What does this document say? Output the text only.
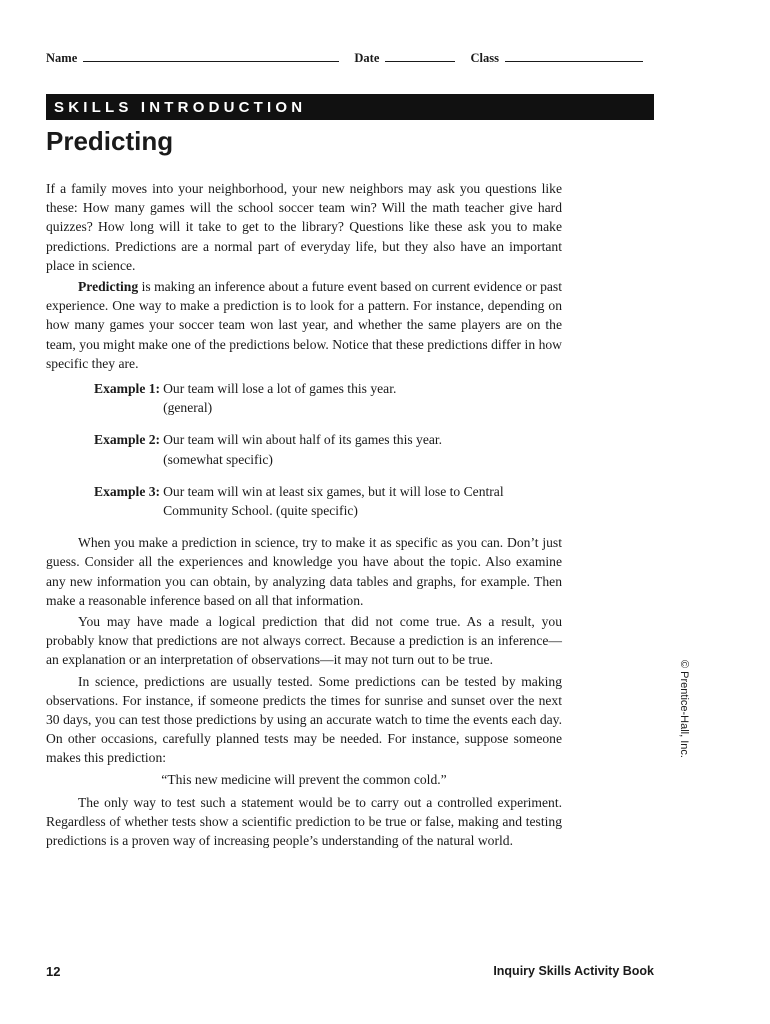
Name	Date	Class
SKILLS INTRODUCTION
Predicting

If a family moves into your neighborhood, your new neighbors may ask you questions like these: How many games will the school soccer team win? Will the math teacher give hard quizzes? How long will it take to get to the library? Questions like these ask you to make predictions. Predictions are a normal part of everyday life, but they also have an important place in science.

Predicting is making an inference about a future event based on current evidence or past experience. One way to make a prediction is to look for a pattern. For instance, depending on how many games your soccer team won last year, and whether the same players are on the team, you might make one of the predictions below. Notice that these predictions differ in how specific they are.

Example 1: Our team will lose a lot of games this year.
(general)
Example 2: Our team will win about half of its games this year.
(somewhat specific)
Example 3: Our team will win at least six games, but it will lose to Central Community School. (quite specific)

When you make a prediction in science, try to make it as specific as you can. Don’t just guess. Consider all the experiences and knowledge you have about the topic. Also examine any new information you can obtain, by analyzing data tables and graphs, for example. Then make a reasonable inference based on all that information.

You may have made a logical prediction that did not come true. As a result, you probably know that predictions are not always correct. Because a prediction is an inference—an explanation or an interpretation of observations—it may not turn out to be true.

In science, predictions are usually tested. Some predictions can be tested by making observations. For instance, if someone predicts the times for sunrise and sunset over the next 30 days, you can test those predictions by using an accurate watch to time the events each day. On other occasions, carefully planned tests may be needed. For instance, suppose someone makes this prediction:

“This new medicine will prevent the common cold.”

The only way to test such a statement would be to carry out a controlled experiment. Regardless of whether tests show a scientific prediction to be true or false, making and testing predictions is a proven way of increasing people’s understanding of the natural world.

© Prentice-Hall, Inc.
12	Inquiry Skills Activity Book
